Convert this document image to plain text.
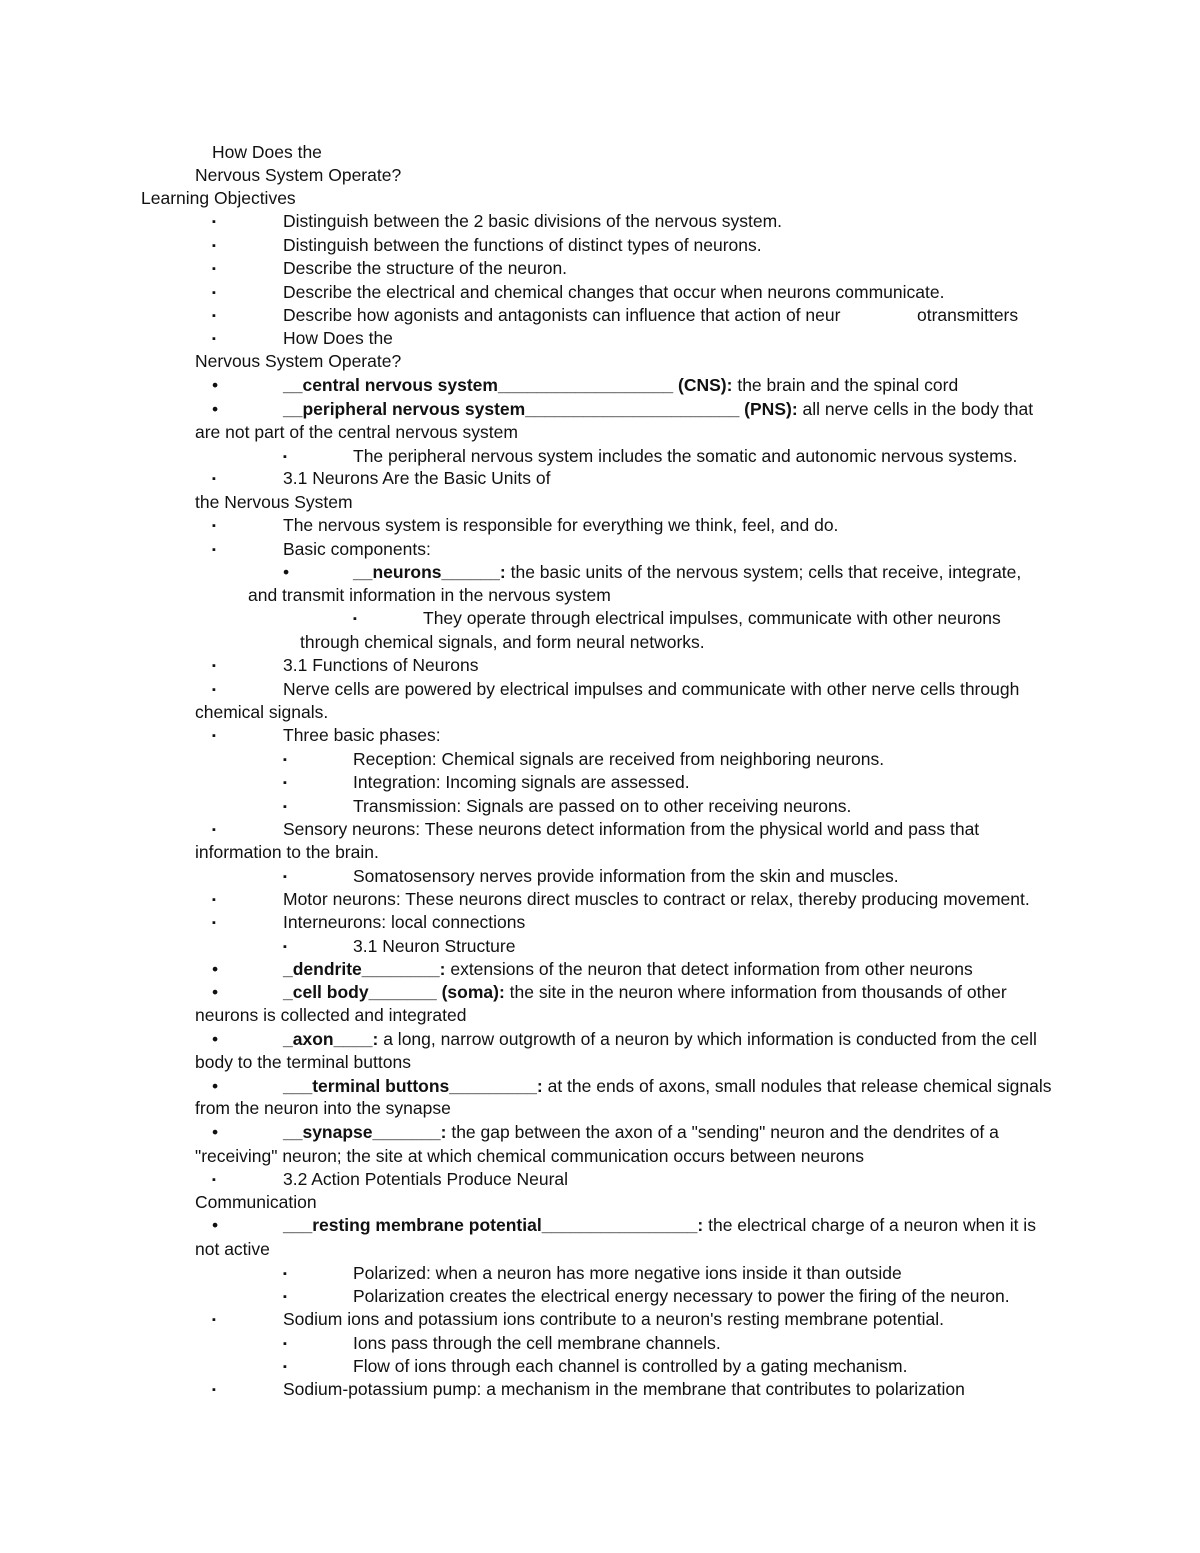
How Does the
Nervous System Operate?
Learning Objectives
▪	Distinguish between the 2 basic divisions of the nervous system.
▪	Distinguish between the functions of distinct types of neurons.
▪	Describe the structure of the neuron.
▪	Describe the electrical and chemical changes that occur when neurons communicate.
▪	Describe how agonists and antagonists can influence that action of neur	otransmitters
▪	How Does the
Nervous System Operate?
•	__central nervous system__________________ (CNS): the brain and the spinal cord
•	__peripheral nervous system______________________ (PNS): all nerve cells in the body that
are not part of the central nervous system
▪	The peripheral nervous system includes the somatic and autonomic nervous systems.
▪	3.1 Neurons Are the Basic Units of
the Nervous System
▪	The nervous system is responsible for everything we think, feel, and do.
▪	Basic components:
•	__neurons______: the basic units of the nervous system; cells that receive, integrate,
and transmit information in the nervous system
▪	They operate through electrical impulses, communicate with other neurons
through chemical signals, and form neural networks.
▪	3.1 Functions of Neurons
▪	Nerve cells are powered by electrical impulses and communicate with other nerve cells through
chemical signals.
▪	Three basic phases:
▪	Reception: Chemical signals are received from neighboring neurons.
▪	Integration: Incoming signals are assessed.
▪	Transmission: Signals are passed on to other receiving neurons.
▪	Sensory neurons: These neurons detect information from the physical world and pass that
information to the brain.
▪	Somatosensory nerves provide information from the skin and muscles.
▪	Motor neurons: These neurons direct muscles to contract or relax, thereby producing movement.
▪	Interneurons: local connections
▪	3.1 Neuron Structure
•	_dendrite________: extensions of the neuron that detect information from other neurons
•	_cell body_______ (soma): the site in the neuron where information from thousands of other
neurons is collected and integrated
•	_axon____: a long, narrow outgrowth of a neuron by which information is conducted from the cell
body to the terminal buttons
•	___terminal buttons_________: at the ends of axons, small nodules that release chemical signals
from the neuron into the synapse
•	__synapse_______: the gap between the axon of a "sending" neuron and the dendrites of a
"receiving" neuron; the site at which chemical communication occurs between neurons
▪	3.2 Action Potentials Produce Neural
Communication
•	___resting membrane potential________________: the electrical charge of a neuron when it is
not active
▪	Polarized: when a neuron has more negative ions inside it than outside
▪	Polarization creates the electrical energy necessary to power the firing of the neuron.
▪	Sodium ions and potassium ions contribute to a neuron's resting membrane potential.
▪	Ions pass through the cell membrane channels.
▪	Flow of ions through each channel is controlled by a gating mechanism.
▪	Sodium-potassium pump: a mechanism in the membrane that contributes to polarization
